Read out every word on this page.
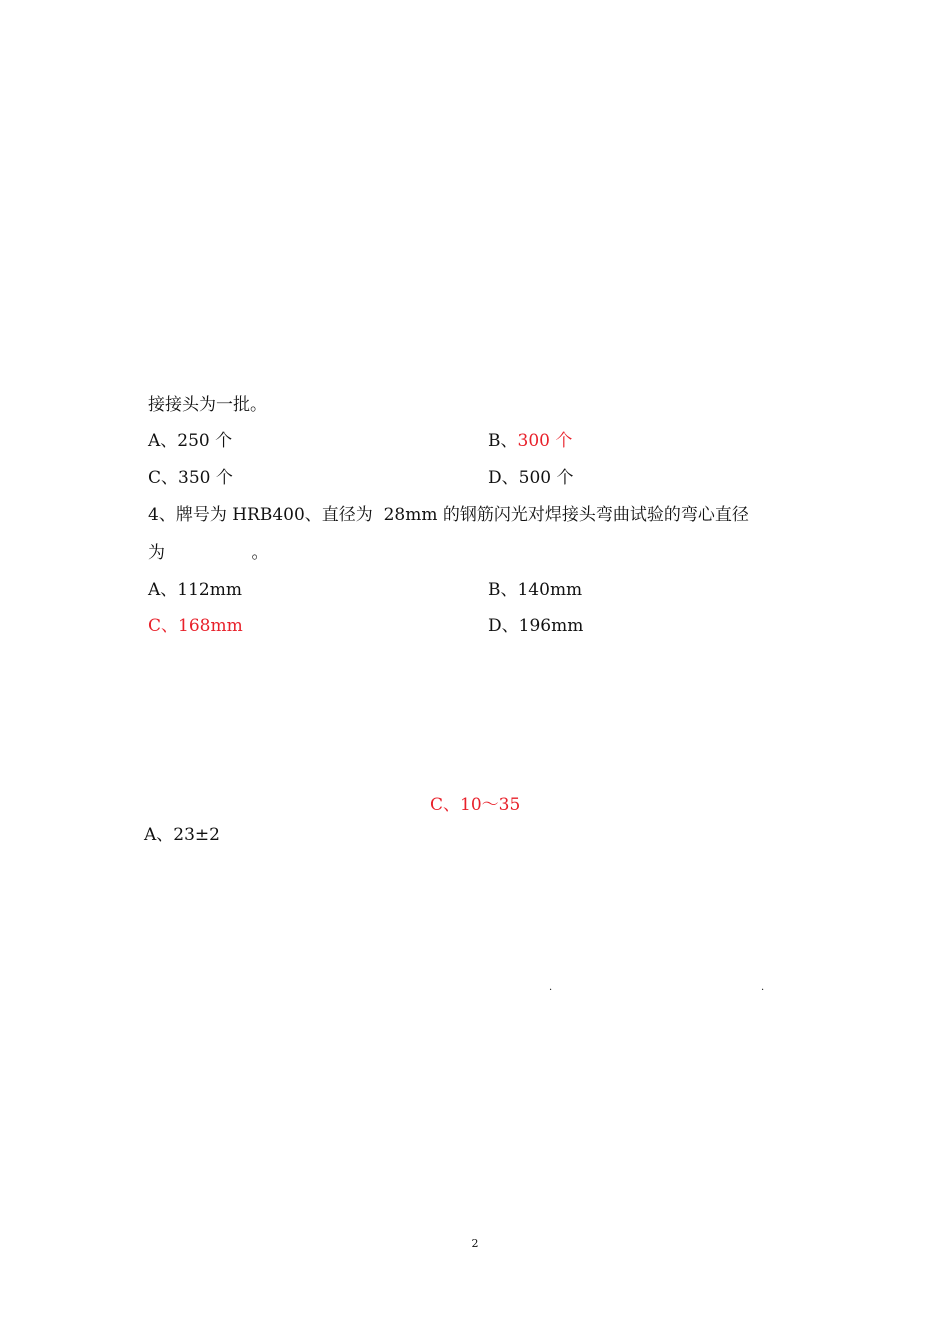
接接头为一批。
A、250 个	B、300 个
C、350 个	D、500 个
4、牌号为 HRB400、直径为  28mm 的钢筋闪光对焊接头弯曲试验的弯心直径
为                。
A、112mm	B、140mm
C、168mm	D、196mm
C、10～35
A、23±2
.	.
2
